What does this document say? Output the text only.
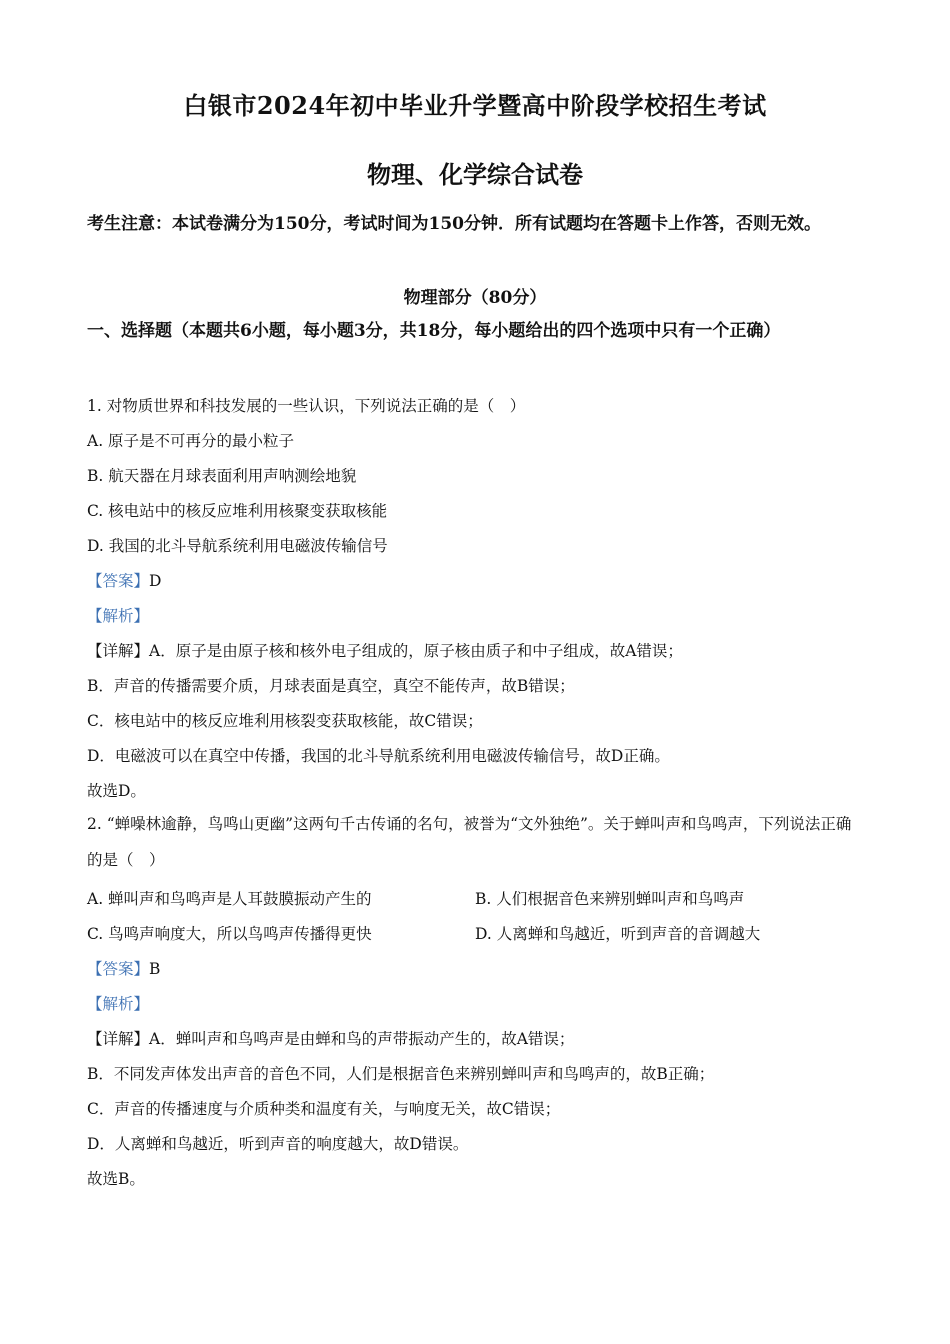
白银市2024年初中毕业升学暨高中阶段学校招生考试
物理、化学综合试卷
考生注意：本试卷满分为150分，考试时间为150分钟．所有试题均在答题卡上作答，否则无效。
物理部分（80分）
一、选择题（本题共6小题，每小题3分，共18分，每小题给出的四个选项中只有一个正确）
1. 对物质世界和科技发展的一些认识，下列说法正确的是（　）
A. 原子是不可再分的最小粒子
B. 航天器在月球表面利用声呐测绘地貌
C. 核电站中的核反应堆利用核聚变获取核能
D. 我国的北斗导航系统利用电磁波传输信号
【答案】D
【解析】
【详解】A．原子是由原子核和核外电子组成的，原子核由质子和中子组成，故A错误；
B．声音的传播需要介质，月球表面是真空，真空不能传声，故B错误；
C．核电站中的核反应堆利用核裂变获取核能，故C错误；
D．电磁波可以在真空中传播，我国的北斗导航系统利用电磁波传输信号，故D正确。
故选D。
2. “蝉噪林逾静，鸟鸣山更幽”这两句千古传诵的名句，被誉为“文外独绝”。关于蝉叫声和鸟鸣声，下列说法正确的是（　）
A. 蝉叫声和鸟鸣声是人耳鼓膜振动产生的	B. 人们根据音色来辨别蝉叫声和鸟鸣声
C. 鸟鸣声响度大，所以鸟鸣声传播得更快	D. 人离蝉和鸟越近，听到声音的音调越大
【答案】B
【解析】
【详解】A．蝉叫声和鸟鸣声是由蝉和鸟的声带振动产生的，故A错误；
B．不同发声体发出声音的音色不同，人们是根据音色来辨别蝉叫声和鸟鸣声的，故B正确；
C．声音的传播速度与介质种类和温度有关，与响度无关，故C错误；
D．人离蝉和鸟越近，听到声音的响度越大，故D错误。
故选B。
